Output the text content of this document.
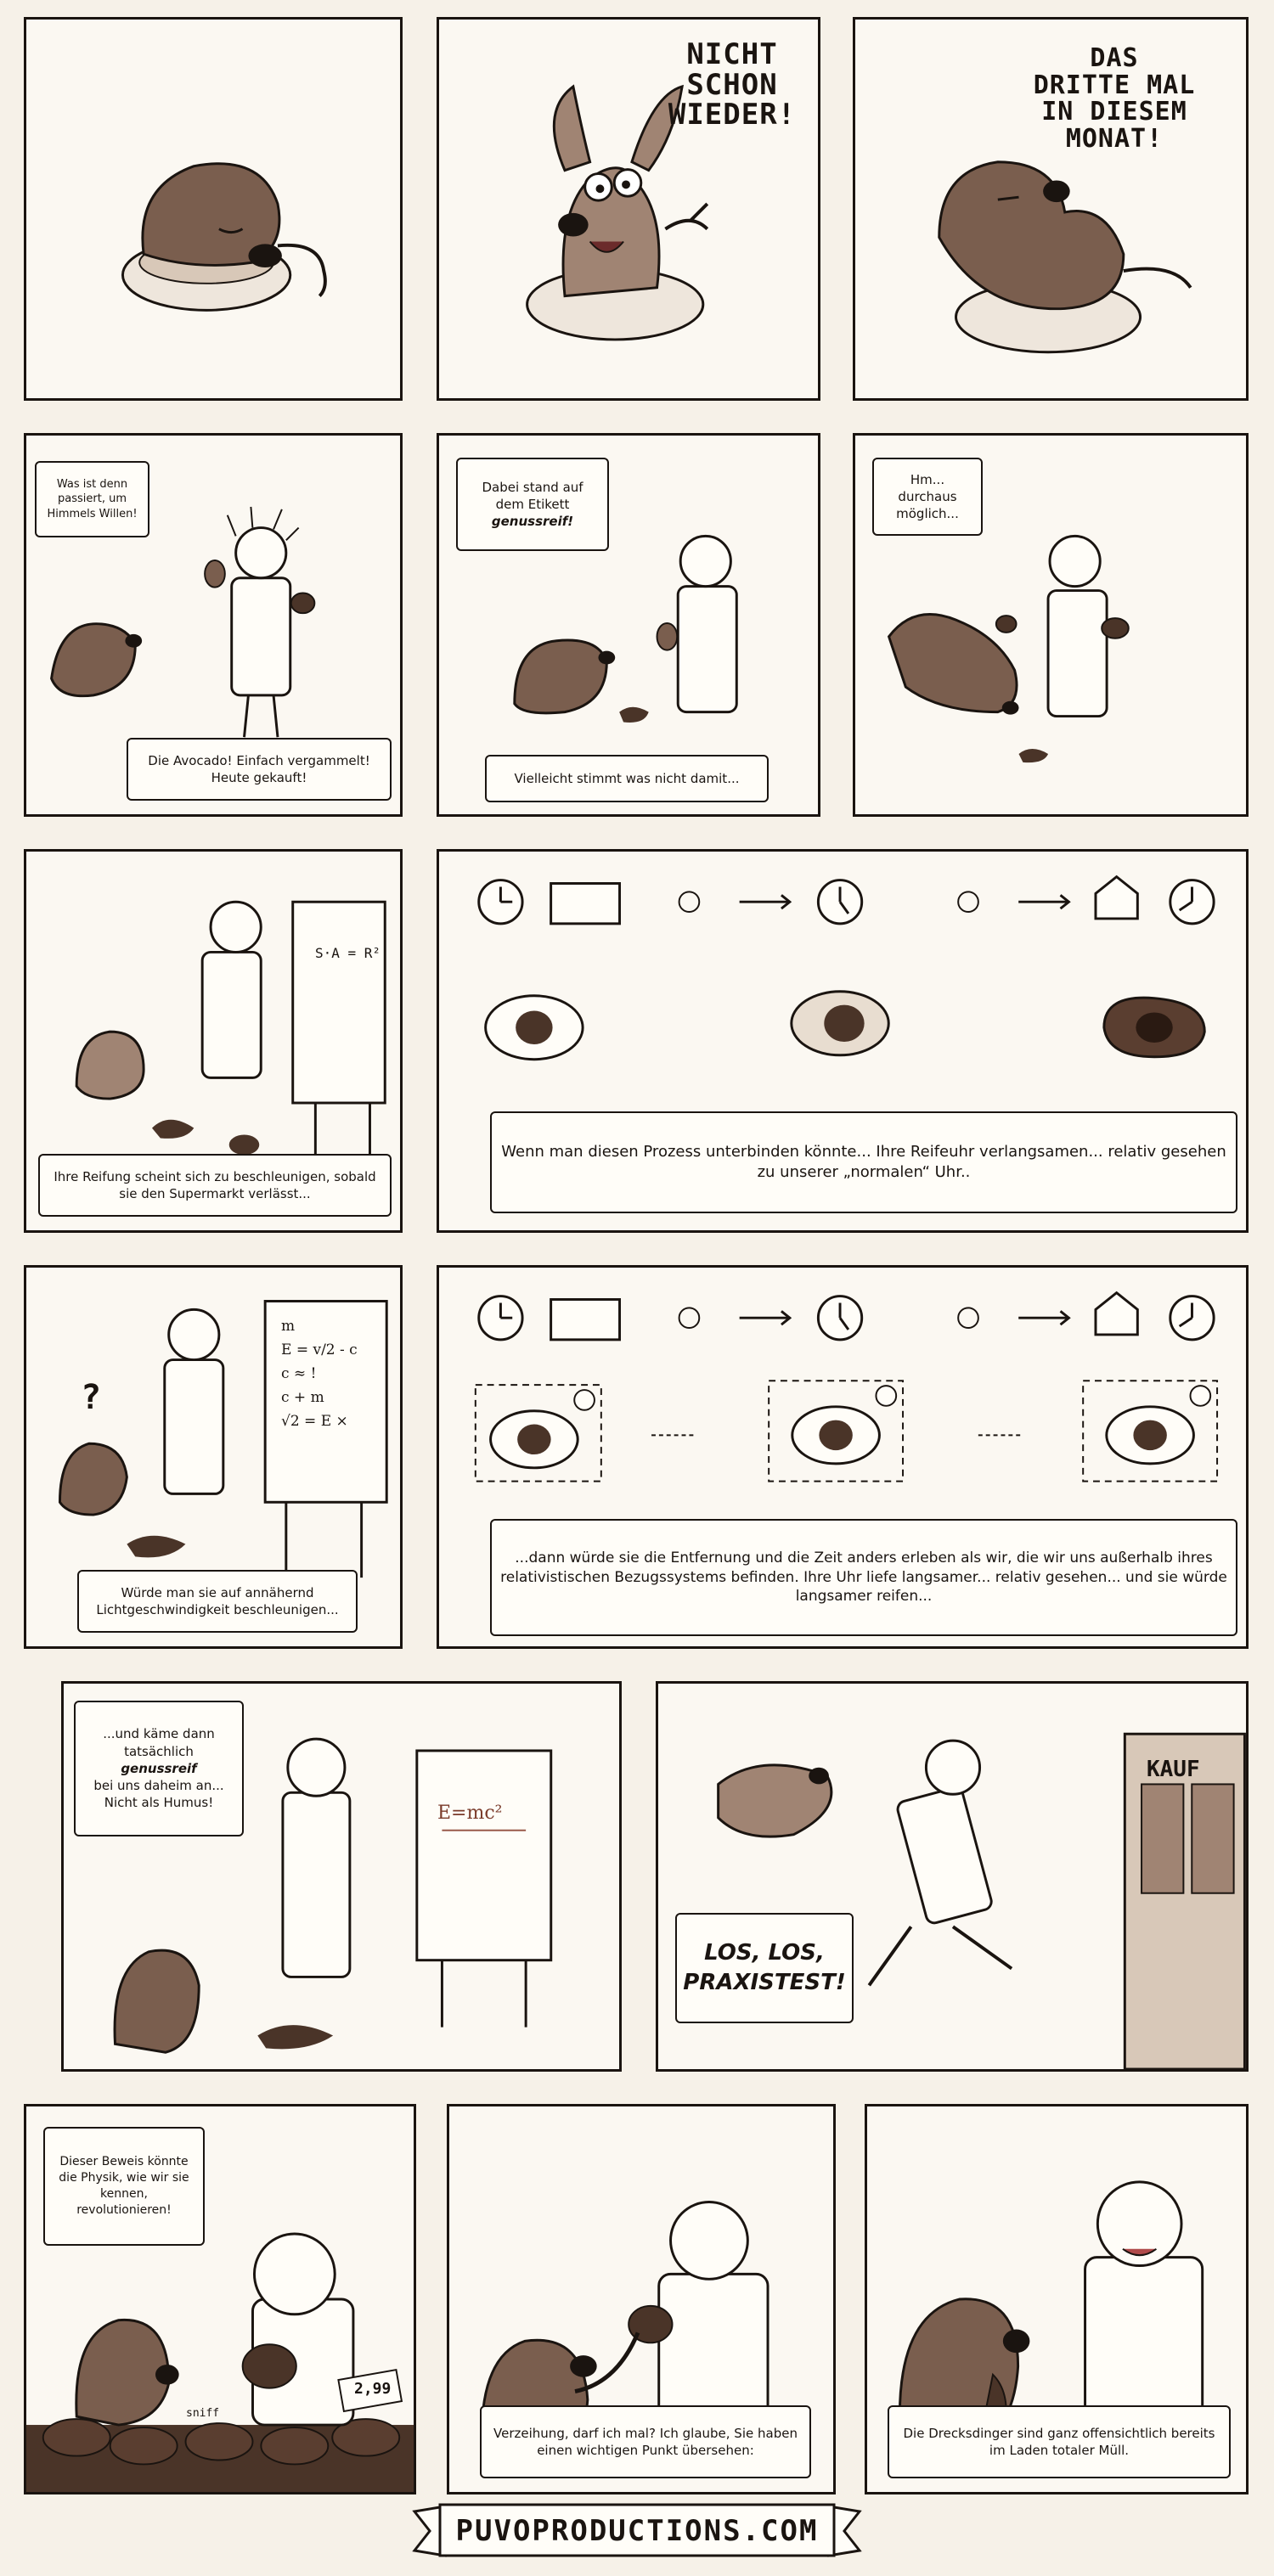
NICHT
SCHON
WIEDER!
DAS
DRITTE MAL
IN DIESEM
MONAT!
Was ist denn passiert, um Himmels Willen!
Die Avocado! Einfach vergammelt! Heute gekauft!
Dabei stand auf dem Etikett
genussreif!
Vielleicht stimmt was nicht damit...
Hm... durchaus möglich...
S·A = R²
Ihre Reifung scheint sich zu beschleunigen, sobald sie den Supermarkt verlässt...
Wenn man diesen Prozess unterbinden könnte... Ihre Reifeuhr verlangsamen... relativ gesehen zu unserer „normalen“ Uhr..
?
m
E = v/2 - c
c ≈ !
c + m
√2 = E ×
Würde man sie auf annähernd Lichtgeschwindigkeit beschleunigen...
...dann würde sie die Entfernung und die Zeit anders erleben als wir, die wir uns außerhalb ihres relativistischen Bezugssystems befinden. Ihre Uhr liefe langsamer... relativ gesehen... und sie würde langsamer reifen...
...und käme dann tatsächlich
genussreif
bei uns daheim an... Nicht als Humus!	E=mc²
KAUF
LOS, LOS, PRAXISTEST!
Dieser Beweis könnte die Physik, wie wir sie kennen, revolutionieren!
sniff
2,99
Verzeihung, darf ich mal? Ich glaube, Sie haben einen wichtigen Punkt übersehen:
Die Drecksdinger sind ganz offensichtlich bereits im Laden totaler Müll.
PUVOPRODUCTIONS.COM
